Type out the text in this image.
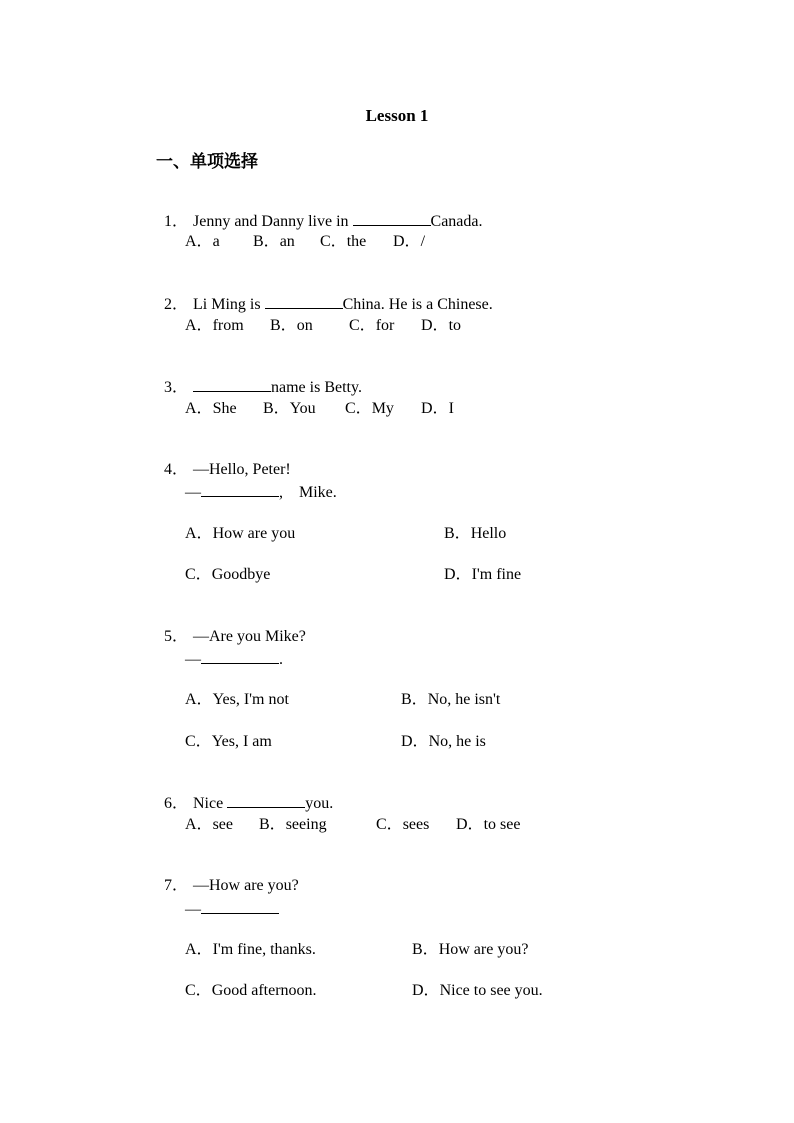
Lesson 1
一、单项选择

1． Jenny and Danny live in	Canada.

A．a B．an C．the D．/

2． Li Ming is	China. He is a Chinese.

A．from B．on C．for D．to

3．	name is Betty.

A．She B．You C．My D．I

4． —Hello, Peter!

—	,    Mike.
A．How are you	B．Hello
C．Goodbye	D．I'm fine

5． —Are you Mike?

—	.
A．Yes, I'm not	B．No, he isn't
C．Yes, I am	D．No, he is

6． Nice	you.

A．see B．seeing	C．sees D．to see

7． —How are you?

—
A．I'm fine, thanks.	B．How are you?
C．Good afternoon.	D．Nice to see you.
